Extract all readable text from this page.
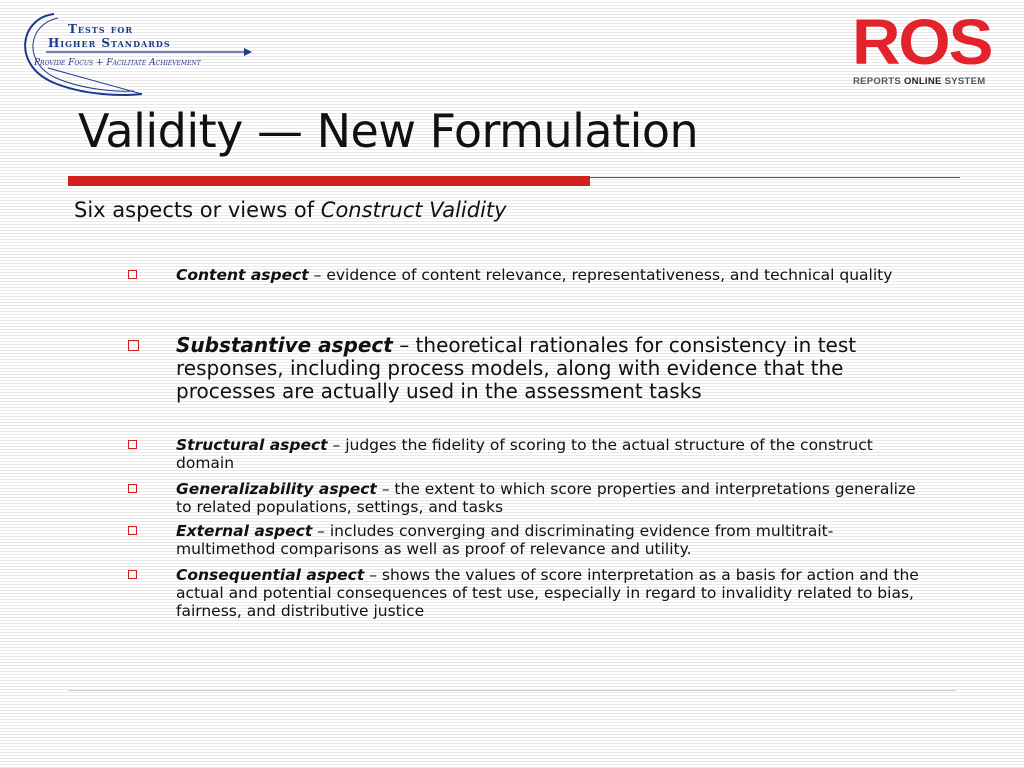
Tests for
Higher Standards
Provide Focus + Facilitate Achievement	ROS
REPORTS ONLINE SYSTEM
Validity — New Formulation

Six aspects or views of Construct Validity

Content aspect – evidence of content relevance, representativeness, and technical quality
Substantive aspect – theoretical rationales for consistency in test responses, including process models, along with evidence that the processes are actually used in the assessment tasks
Structural aspect – judges the fidelity of scoring to the actual structure of the construct domain
Generalizability aspect – the extent to which score properties and interpretations generalize to related populations, settings, and tasks
External aspect – includes converging and discriminating evidence from multitrait-multimethod comparisons as well as proof of relevance and utility.
Consequential aspect – shows the values of score interpretation as a basis for action and the actual and potential consequences of test use, especially in regard to invalidity related to bias, fairness, and distributive justice
